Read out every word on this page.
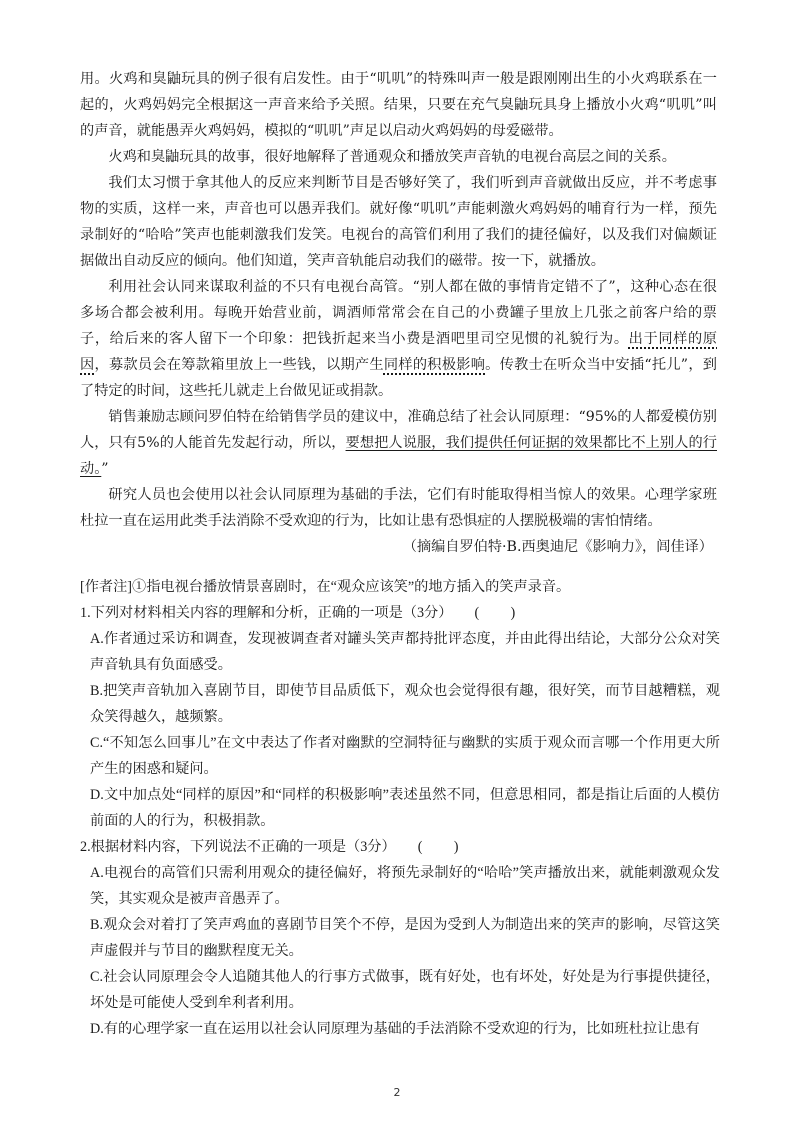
用。火鸡和臭鼬玩具的例子很有启发性。由于“叽叽”的特殊叫声一般是跟刚刚出生的小火鸡联系在一起的，火鸡妈妈完全根据这一声音来给予关照。结果，只要在充气臭鼬玩具身上播放小火鸡“叽叽”叫的声音，就能愚弄火鸡妈妈，模拟的“叽叽”声足以启动火鸡妈妈的母爱磁带。

火鸡和臭鼬玩具的故事，很好地解释了普通观众和播放笑声音轨的电视台高层之间的关系。

我们太习惯于拿其他人的反应来判断节目是否够好笑了，我们听到声音就做出反应，并不考虑事物的实质，这样一来，声音也可以愚弄我们。就好像“叽叽”声能刺激火鸡妈妈的哺育行为一样，预先录制好的“哈哈”笑声也能刺激我们发笑。电视台的高管们利用了我们的捷径偏好，以及我们对偏颇证据做出自动反应的倾向。他们知道，笑声音轨能启动我们的磁带。按一下，就播放。

利用社会认同来谋取利益的不只有电视台高管。“别人都在做的事情肯定错不了”，这种心态在很多场合都会被利用。每晚开始营业前，调酒师常常会在自己的小费罐子里放上几张之前客户给的票子，给后来的客人留下一个印象：把钱折起来当小费是酒吧里司空见惯的礼貌行为。出于同样的原因，募款员会在筹款箱里放上一些钱，以期产生同样的积极影响。传教士在听众当中安插“托儿”，到了特定的时间，这些托儿就走上台做见证或捐款。

销售兼励志顾问罗伯特在给销售学员的建议中，准确总结了社会认同原理：“95%的人都爱模仿别人，只有5%的人能首先发起行动，所以，要想把人说服，我们提供任何证据的效果都比不上别人的行动。”

研究人员也会使用以社会认同原理为基础的手法，它们有时能取得相当惊人的效果。心理学家班杜拉一直在运用此类手法消除不受欢迎的行为，比如让患有恐惧症的人摆脱极端的害怕情绪。

（摘编自罗伯特·B.西奥迪尼《影响力》，闾佳译）

[作者注]①指电视台播放情景喜剧时，在“观众应该笑”的地方插入的笑声录音。

1.下列对材料相关内容的理解和分析，正确的一项是（3分） (　　)

A.作者通过采访和调查，发现被调查者对罐头笑声都持批评态度，并由此得出结论，大部分公众对笑声音轨具有负面感受。

B.把笑声音轨加入喜剧节目，即使节目品质低下，观众也会觉得很有趣，很好笑，而节目越糟糕，观众笑得越久，越频繁。

C.“不知怎么回事儿”在文中表达了作者对幽默的空洞特征与幽默的实质于观众而言哪一个作用更大所产生的困惑和疑问。

D.文中加点处“同样的原因”和“同样的积极影响”表述虽然不同，但意思相同，都是指让后面的人模仿前面的人的行为，积极捐款。

2.根据材料内容，下列说法不正确的一项是（3分） (　　)

A.电视台的高管们只需利用观众的捷径偏好，将预先录制好的“哈哈”笑声播放出来，就能刺激观众发笑，其实观众是被声音愚弄了。

B.观众会对着打了笑声鸡血的喜剧节目笑个不停，是因为受到人为制造出来的笑声的影响，尽管这笑声虚假并与节目的幽默程度无关。

C.社会认同原理会令人追随其他人的行事方式做事，既有好处，也有坏处，好处是为行事提供捷径，坏处是可能使人受到牟利者利用。

D.有的心理学家一直在运用以社会认同原理为基础的手法消除不受欢迎的行为，比如班杜拉让患有

2
